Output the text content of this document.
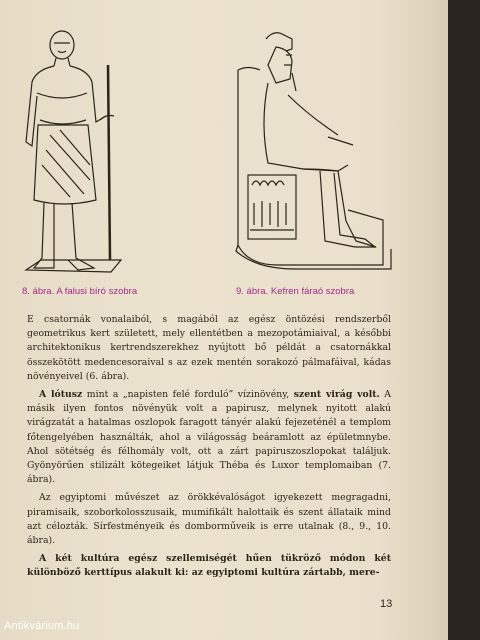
8. ábra. A falusi bíró szobra	9. ábra. Kefren fáraó szobra

E csatornák vonalaiból, s magából az egész öntözési rendszerből geometrikus kert született, mely ellentétben a mezopotámiaival, a későbbi architektonikus kertrendszerekhez nyújtott bő példát a csatornákkal összekötött medencesoraival s az ezek mentén sorakozó pálmafáival, kádas növényeivel (6. ábra).

A lótusz mint a „napisten felé forduló” vízinövény, szent virág volt. A másik ilyen fontos növényük volt a papirusz, melynek nyitott alakú virágzatát a hatalmas oszlopok faragott tányér alakú fejezeténél a templom főtengelyében használták, ahol a világosság beáramlott az épületmnybe. Ahol sötétség és félhomály volt, ott a zárt papiruszoszlopokat találjuk. Gyönyörűen stilizált kötegeiket látjuk Théba és Luxor templomaiban (7. ábra).

Az egyiptomi művészet az örökkévalóságot igyekezett megragadni, piramisaik, szoborkolosszusaik, mumifikált halottaik és szent állataik mind azt célozták. Sírfestményeik és domborműveik is erre utalnak (8., 9., 10. ábra).

A két kultúra egész szellemiségét hűen tükröző módon két különböző kerttípus alakult ki: az egyiptomi kultúra zártabb, mere-

13
Antikvárium.hu
